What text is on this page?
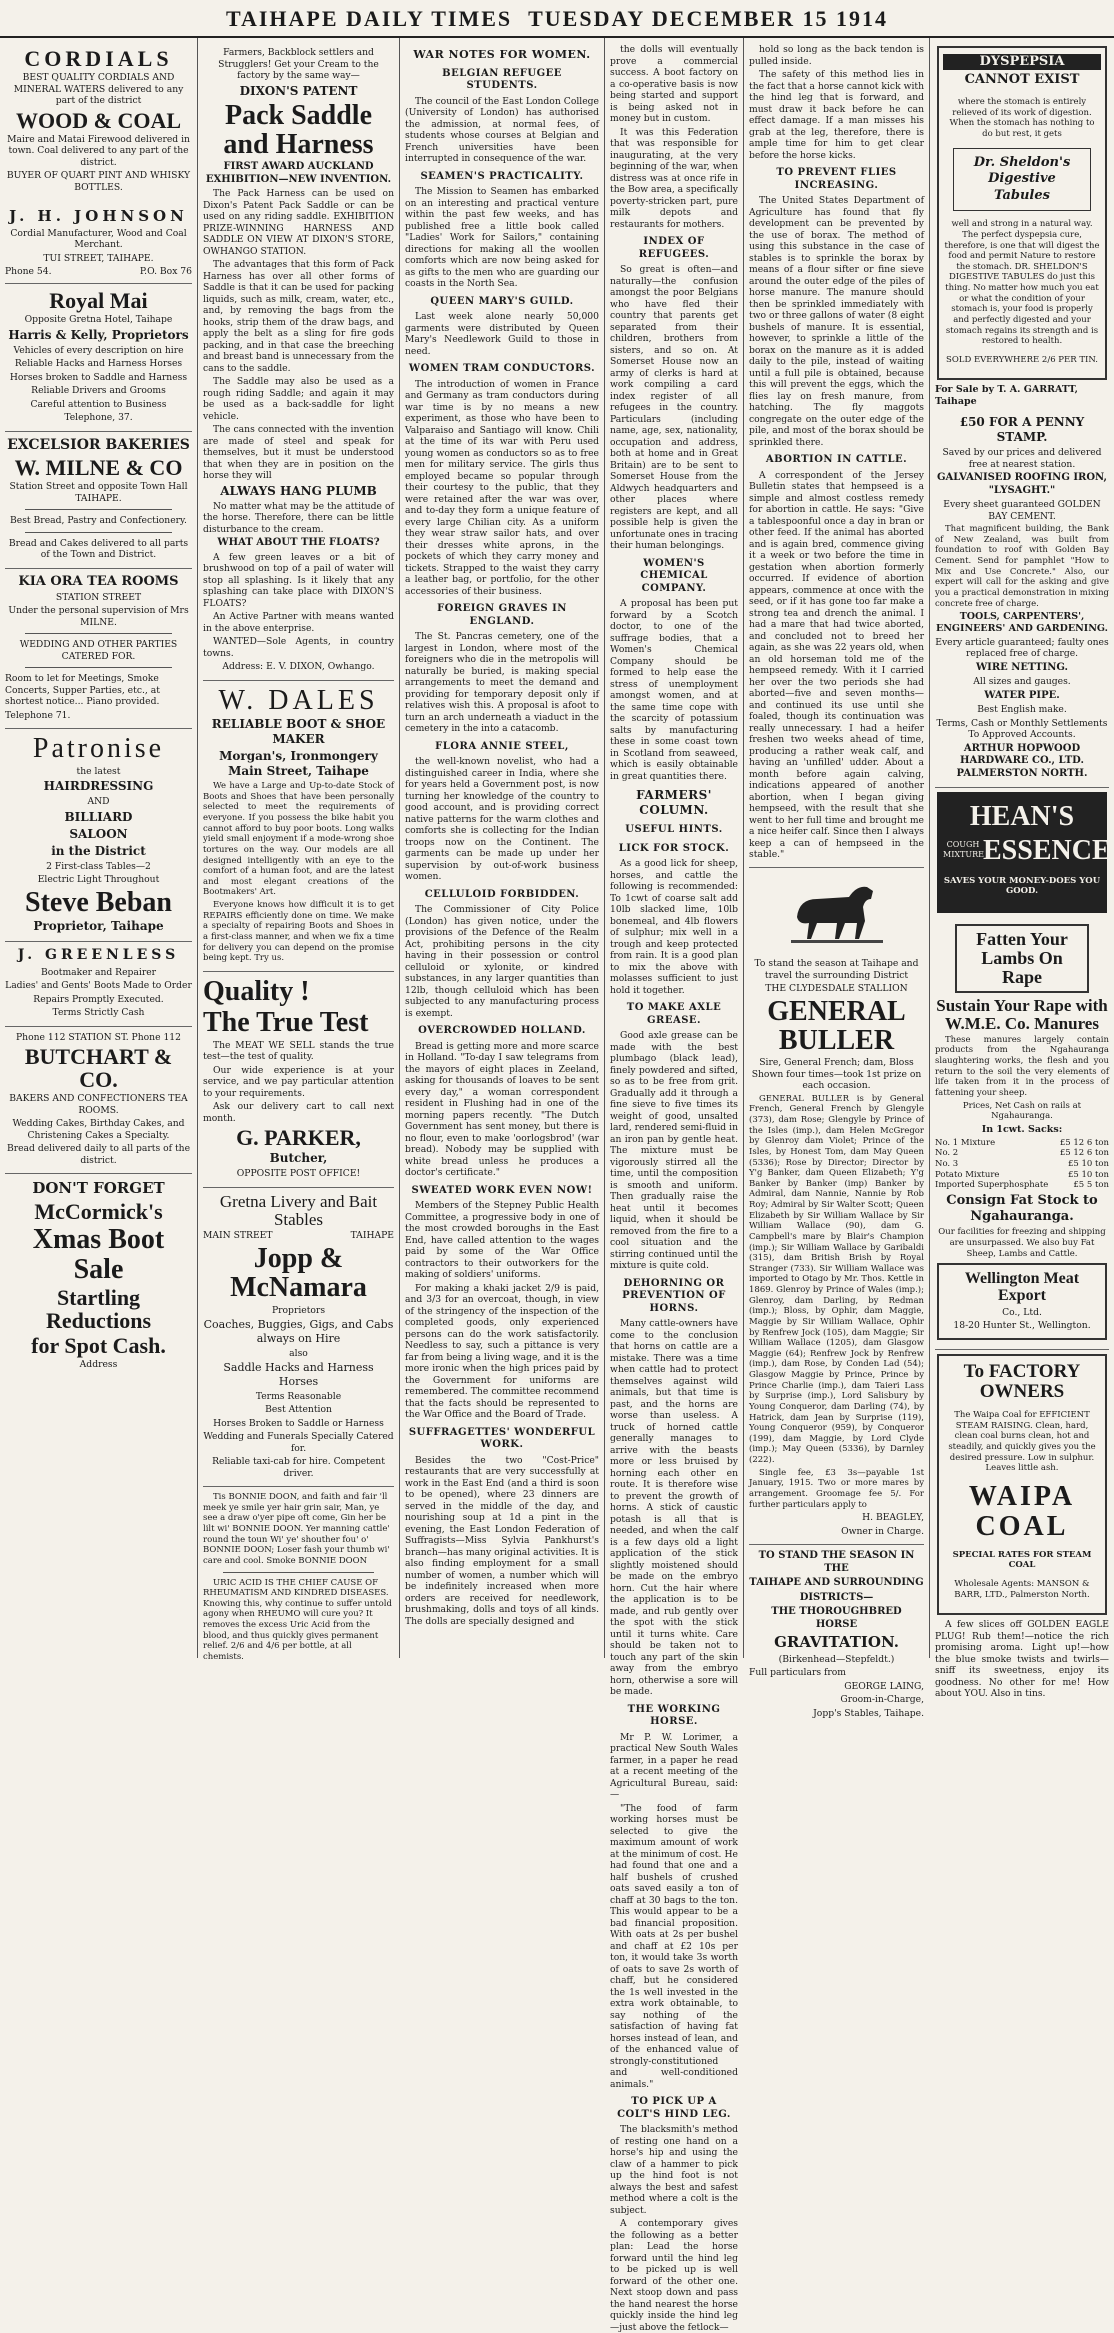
TAIHAPE DAILY TIMES TUESDAY DECEMBER 15 1914
CORDIALS

BEST QUALITY CORDIALS AND MINERAL WATERS delivered to any part of the district

WOOD & COAL

Maire and Matai Firewood delivered in town. Coal delivered to any part of the district.

BUYER OF QUART PINT AND WHISKY BOTTLES.

J. H. JOHNSON

Cordial Manufacturer, Wood and Coal Merchant.

TUI STREET, TAIHAPE.

Phone 54.	P.O. Box 76
Royal Mai

Opposite Gretna Hotel, Taihape

Harris & Kelly, Proprietors

Vehicles of every description on hire

Reliable Hacks and Harness Horses

Horses broken to Saddle and Harness

Reliable Drivers and Grooms

Careful attention to Business

Telephone, 37.

EXCELSIOR BAKERIES
W. MILNE & CO

Station Street and opposite Town Hall TAIHAPE.

Best Bread, Pastry and Confectionery.

Bread and Cakes delivered to all parts of the Town and District.

KIA ORA TEA ROOMS

STATION STREET

Under the personal supervision of Mrs MILNE.

WEDDING AND OTHER PARTIES CATERED FOR.

Room to let for Meetings, Smoke Concerts, Supper Parties, etc., at shortest notice... Piano provided.

Telephone 71.

Patronise

the latest

HAIRDRESSING

AND

BILLIARD

SALOON

in the District

2 First-class Tables—2

Electric Light Throughout

Steve Beban

Proprietor, Taihape

J. GREENLESS

Bootmaker and Repairer

Ladies' and Gents' Boots Made to Order

Repairs Promptly Executed.

Terms Strictly Cash

Phone 112 STATION ST. Phone 112

BUTCHART & CO.

BAKERS AND CONFECTIONERS TEA ROOMS.

Wedding Cakes, Birthday Cakes, and Christening Cakes a Specialty.

Bread delivered daily to all parts of the district.

DON'T FORGET
McCormick's
Xmas Boot Sale
Startling Reductions
for Spot Cash.

Address

Farmers, Backblock settlers and Strugglers! Get your Cream to the factory by the same way—

DIXON'S PATENT

Pack Saddle and Harness

FIRST AWARD AUCKLAND EXHIBITION—NEW INVENTION.

The Pack Harness can be used on Dixon's Patent Pack Saddle or can be used on any riding saddle. EXHIBITION PRIZE-WINNING HARNESS AND SADDLE ON VIEW AT DIXON'S STORE, OWHANGO STATION.

The advantages that this form of Pack Harness has over all other forms of Saddle is that it can be used for packing liquids, such as milk, cream, water, etc., and, by removing the bags from the hooks, strip them of the draw bags, and apply the belt as a sling for fire gods packing, and in that case the breeching and breast band is unnecessary from the cans to the saddle.

The Saddle may also be used as a rough riding Saddle; and again it may be used as a back-saddle for light vehicle.

The cans connected with the invention are made of steel and speak for themselves, but it must be understood that when they are in position on the horse they will

ALWAYS HANG PLUMB

No matter what may be the attitude of the horse. Therefore, there can be little disturbance to the cream.

WHAT ABOUT THE FLOATS?

A few green leaves or a bit of brushwood on top of a pail of water will stop all splashing. Is it likely that any splashing can take place with DIXON'S FLOATS?

An Active Partner with means wanted in the above enterprise.

WANTED—Sole Agents, in country towns.

Address: E. V. DIXON, Owhango.

W. DALES

RELIABLE BOOT & SHOE MAKER

Morgan's, Ironmongery Main Street, Taihape

We have a Large and Up-to-date Stock of Boots and Shoes that have been personally selected to meet the requirements of everyone. If you possess the bike habit you cannot afford to buy poor boots. Long walks yield small enjoyment if a mode-wrong shoe tortures on the way. Our models are all designed intelligently with an eye to the comfort of a human foot, and are the latest and most elegant creations of the Bootmakers' Art.

Everyone knows how difficult it is to get REPAIRS efficiently done on time. We make a specialty of repairing Boots and Shoes in a first-class manner, and when we fix a time for delivery you can depend on the promise being kept. Try us.

Quality !
The True Test

The MEAT WE SELL stands the true test—the test of quality.

Our wide experience is at your service, and we pay particular attention to your requirements.

Ask our delivery cart to call next month.

G. PARKER,

Butcher,

OPPOSITE POST OFFICE!

Gretna Livery and Bait Stables
MAIN STREET	TAIHAPE
Jopp & McNamara

Proprietors

Coaches, Buggies, Gigs, and Cabs always on Hire

also

Saddle Hacks and Harness Horses

Terms Reasonable

Best Attention

Horses Broken to Saddle or Harness

Wedding and Funerals Specially Catered for.

Reliable taxi-cab for hire. Competent driver.

Tis BONNIE DOON, and faith and fair 'll meek ye smile yer hair grin sair, Man, ye see a draw o'yer pipe oft come, Gin her be lilt wi' BONNIE DOON. Yer manning cattle' round the toun Wi' ye' shouther fou' o' BONNIE DOON; Loser fash your thumb wi' care and cool. Smoke BONNIE DOON

URIC ACID IS THE CHIEF CAUSE OF RHEUMATISM AND KINDRED DISEASES. Knowing this, why continue to suffer untold agony when RHEUMO will cure you? It removes the excess Uric Acid from the blood, and thus quickly gives permanent relief. 2/6 and 4/6 per bottle, at all chemists.

WAR NOTES FOR WOMEN.
BELGIAN REFUGEE STUDENTS.

The council of the East London College (University of London) has authorised the admission, at normal fees, of students whose courses at Belgian and French universities have been interrupted in consequence of the war.

SEAMEN'S PRACTICALITY.

The Mission to Seamen has embarked on an interesting and practical venture within the past few weeks, and has published free a little book called "Ladies' Work for Sailors," containing directions for making all the woollen comforts which are now being asked for as gifts to the men who are guarding our coasts in the North Sea.

QUEEN MARY'S GUILD.

Last week alone nearly 50,000 garments were distributed by Queen Mary's Needlework Guild to those in need.

WOMEN TRAM CONDUCTORS.

The introduction of women in France and Germany as tram conductors during war time is by no means a new experiment, as those who have been to Valparaiso and Santiago will know. Chili at the time of its war with Peru used young women as conductors so as to free men for military service. The girls thus employed became so popular through their courtesy to the public, that they were retained after the war was over, and to-day they form a unique feature of every large Chilian city. As a uniform they wear straw sailor hats, and over their dresses white aprons, in the pockets of which they carry money and tickets. Strapped to the waist they carry a leather bag, or portfolio, for the other accessories of their business.

FOREIGN GRAVES IN ENGLAND.

The St. Pancras cemetery, one of the largest in London, where most of the foreigners who die in the metropolis will naturally be buried, is making special arrangements to meet the demand and providing for temporary deposit only if relatives wish this. A proposal is afoot to turn an arch underneath a viaduct in the cemetery in the into a catacomb.

FLORA ANNIE STEEL,

the well-known novelist, who had a distinguished career in India, where she for years held a Government post, is now turning her knowledge of the country to good account, and is providing correct native patterns for the warm clothes and comforts she is collecting for the Indian troops now on the Continent. The garments can be made up under her supervision by out-of-work business women.

CELLULOID FORBIDDEN.

The Commissioner of City Police (London) has given notice, under the provisions of the Defence of the Realm Act, prohibiting persons in the city having in their possession or control celluloid or xylonite, or kindred substances, in any larger quantities than 12lb, though celluloid which has been subjected to any manufacturing process is exempt.

OVERCROWDED HOLLAND.

Bread is getting more and more scarce in Holland. "To-day I saw telegrams from the mayors of eight places in Zeeland, asking for thousands of loaves to be sent every day," a woman correspondent resident in Flushing had in one of the morning papers recently. "The Dutch Government has sent money, but there is no flour, even to make 'oorlogsbrod' (war bread). Nobody may be supplied with white bread unless he produces a doctor's certificate."

SWEATED WORK EVEN NOW!

Members of the Stepney Public Health Committee, a progressive body in one of the most crowded boroughs in the East End, have called attention to the wages paid by some of the War Office contractors to their outworkers for the making of soldiers' uniforms.

For making a khaki jacket 2/9 is paid, and 3/3 for an overcoat, though, in view of the stringency of the inspection of the completed goods, only experienced persons can do the work satisfactorily. Needless to say, such a pittance is very far from being a living wage, and it is the more ironic when the high prices paid by the Government for uniforms are remembered. The committee recommend that the facts should be represented to the War Office and the Board of Trade.

SUFFRAGETTES' WONDERFUL WORK.

Besides the two "Cost-Price" restaurants that are very successfully at work in the East End (and a third is soon to be opened), where 23 dinners are served in the middle of the day, and nourishing soup at 1d a pint in the evening, the East London Federation of Suffragists—Miss Sylvia Pankhurst's branch—has many original activities. It is also finding employment for a small number of women, a number which will be indefinitely increased when more orders are received for needlework, brushmaking, dolls and toys of all kinds. The dolls are specially designed and

the dolls will eventually prove a commercial success. A boot factory on a co-operative basis is now being started and support is being asked not in money but in custom.

It was this Federation that was responsible for inaugurating, at the very beginning of the war, when distress was at once rife in the Bow area, a specifically poverty-stricken part, pure milk depots and restaurants for mothers.

INDEX OF REFUGEES.

So great is often—and naturally—the confusion amongst the poor Belgians who have fled their country that parents get separated from their children, brothers from sisters, and so on. At Somerset House now an army of clerks is hard at work compiling a card index register of all refugees in the country. Particulars (including name, age, sex, nationality, occupation and address, both at home and in Great Britain) are to be sent to Somerset House from the Aldwych headquarters and other places where registers are kept, and all possible help is given the unfortunate ones in tracing their human belongings.

WOMEN'S CHEMICAL COMPANY.

A proposal has been put forward by a Scotch doctor, to one of the suffrage bodies, that a Women's Chemical Company should be formed to help ease the stress of unemployment amongst women, and at the same time cope with the scarcity of potassium salts by manufacturing these in some coast town in Scotland from seaweed, which is easily obtainable in great quantities there.

FARMERS' COLUMN.
USEFUL HINTS.
LICK FOR STOCK.

As a good lick for sheep, horses, and cattle the following is recommended: To 1cwt of coarse salt add 10lb slacked lime, 10lb bonemeal, and 4lb flowers of sulphur; mix well in a trough and keep protected from rain. It is a good plan to mix the above with molasses sufficient to just hold it together.

TO MAKE AXLE GREASE.

Good axle grease can be made with the best plumbago (black lead), finely powdered and sifted, so as to be free from grit. Gradually add it through a fine sieve to five times its weight of good, unsalted lard, rendered semi-fluid in an iron pan by gentle heat. The mixture must be vigorously stirred all the time, until the composition is smooth and uniform. Then gradually raise the heat until it becomes liquid, when it should be removed from the fire to a cool situation and the stirring continued until the mixture is quite cold.

DEHORNING OR PREVENTION OF HORNS.

Many cattle-owners have come to the conclusion that horns on cattle are a mistake. There was a time when cattle had to protect themselves against wild animals, but that time is past, and the horns are worse than useless. A truck of horned cattle generally manages to arrive with the beasts more or less bruised by horning each other en route. It is therefore wise to prevent the growth of horns. A stick of caustic potash is all that is needed, and when the calf is a few days old a light application of the stick slightly moistened should be made on the embryo horn. Cut the hair where the application is to be made, and rub gently over the spot with the stick until it turns white. Care should be taken not to touch any part of the skin away from the embryo horn, otherwise a sore will be made.

THE WORKING HORSE.

Mr P. W. Lorimer, a practical New South Wales farmer, in a paper he read at a recent meeting of the Agricultural Bureau, said:—

"The food of farm working horses must be selected to give the maximum amount of work at the minimum of cost. He had found that one and a half bushels of crushed oats saved easily a ton of chaff at 30 bags to the ton. This would appear to be a bad financial proposition. With oats at 2s per bushel and chaff at £2 10s per ton, it would take 3s worth of oats to save 2s worth of chaff, but he considered the 1s well invested in the extra work obtainable, to say nothing of the satisfaction of having fat horses instead of lean, and of the enhanced value of strongly-constitutioned and well-conditioned animals."

TO PICK UP A COLT'S HIND LEG.

The blacksmith's method of resting one hand on a horse's hip and using the claw of a hammer to pick up the hind foot is not always the best and safest method where a colt is the subject.

A contemporary gives the following as a better plan: Lead the horse forward until the hind leg to be picked up is well forward of the other one. Next stoop down and pass the hand nearest the horse quickly inside the hind leg—just above the fetlock—

hold so long as the back tendon is pulled inside.

The safety of this method lies in the fact that a horse cannot kick with the hind leg that is forward, and must draw it back before he can effect damage. If a man misses his grab at the leg, therefore, there is ample time for him to get clear before the horse kicks.

TO PREVENT FLIES INCREASING.

The United States Department of Agriculture has found that fly development can be prevented by the use of borax. The method of using this substance in the case of stables is to sprinkle the borax by means of a flour sifter or fine sieve around the outer edge of the piles of horse manure. The manure should then be sprinkled immediately with two or three gallons of water (8 eight bushels of manure. It is essential, however, to sprinkle a little of the borax on the manure as it is added daily to the pile, instead of waiting until a full pile is obtained, because this will prevent the eggs, which the flies lay on fresh manure, from hatching. The fly maggots congregate on the outer edge of the pile, and most of the borax should be sprinkled there.

ABORTION IN CATTLE.

A correspondent of the Jersey Bulletin states that hempseed is a simple and almost costless remedy for abortion in cattle. He says: "Give a tablespoonful once a day in bran or other feed. If the animal has aborted and is again bred, commence giving it a week or two before the time in gestation when abortion formerly occurred. If evidence of abortion appears, commence at once with the seed, or if it has gone too far make a strong tea and drench the animal. I had a mare that had twice aborted, and concluded not to breed her again, as she was 22 years old, when an old horseman told me of the hempseed remedy. With it I carried her over the two periods she had aborted—five and seven months—and continued its use until she foaled, though its continuation was really unnecessary. I had a heifer freshen two weeks ahead of time, producing a rather weak calf, and having an 'unfilled' udder. About a month before again calving, indications appeared of another abortion, when I began giving hempseed, with the result that she went to her full time and brought me a nice heifer calf. Since then I always keep a can of hempseed in the stable."

To stand the season at Taihape and travel the surrounding District

THE CLYDESDALE STALLION

GENERAL BULLER

Sire, General French; dam, Bloss Shown four times—took 1st prize on each occasion.

GENERAL BULLER is by General French, General French by Glengyle (373), dam Rose; Glengyle by Prince of the Isles (imp.), dam Helen McGregor by Glenroy dam Violet; Prince of the Isles, by Honest Tom, dam May Queen (5336); Rose by Director; Director by Y'g Banker, dam Queen Elizabeth; Y'g Banker by Banker (imp) Banker by Admiral, dam Nannie, Nannie by Rob Roy; Admiral by Sir Walter Scott; Queen Elizabeth by Sir William Wallace by Sir William Wallace (90), dam G. Campbell's mare by Blair's Champion (imp.); Sir William Wallace by Garibaldi (315), dam British Brish by Royal Stranger (733). Sir William Wallace was imported to Otago by Mr. Thos. Kettle in 1869. Glenroy by Prince of Wales (imp.); Glenroy, dam Darling, by Redman (imp.); Bloss, by Ophir, dam Maggie, Maggie by Sir William Wallace, Ophir by Renfrew Jock (105), dam Maggie; Sir William Wallace (1205), dam Glasgow Maggie (64); Renfrew Jock by Renfrew (imp.), dam Rose, by Conden Lad (54); Glasgow Maggie by Prince, Prince by Prince Charlie (imp.), dam Taieri Lass by Surprise (imp.), Lord Salisbury by Young Conqueror, dam Darling (74), by Hatrick, dam Jean by Surprise (119), Young Conqueror (959), by Conqueror (199), dam Maggie, by Lord Clyde (imp.); May Queen (5336), by Darnley (222).

Single fee, £3 3s—payable 1st January, 1915. Two or more mares by arrangement. Groomage fee 5/. For further particulars apply to

H. BEAGLEY,

Owner in Charge.

TO STAND THE SEASON IN THE

TAIHAPE AND SURROUNDING

DISTRICTS—

THE THOROUGHBRED HORSE

GRAVITATION.

(Birkenhead—Stepfeldt.)

Full particulars from

GEORGE LAING,

Groom-in-Charge,

Jopp's Stables, Taihape.

DYSPEPSIA
CANNOT EXIST

where the stomach is entirely relieved of its work of digestion. When the stomach has nothing to do but rest, it gets

Dr. Sheldon's Digestive Tabules

well and strong in a natural way. The perfect dyspepsia cure, therefore, is one that will digest the food and permit Nature to restore the stomach. DR. SHELDON'S DIGESTIVE TABULES do just this thing. No matter how much you eat or what the condition of your stomach is, your food is properly and perfectly digested and your stomach regains its strength and is restored to health.

SOLD EVERYWHERE 2/6 PER TIN.

For Sale by T. A. GARRATT, Taihape

£50 FOR A PENNY STAMP.

Saved by our prices and delivered free at nearest station.

GALVANISED ROOFING IRON, "LYSAGHT."

Every sheet guaranteed GOLDEN BAY CEMENT.

That magnificent building, the Bank of New Zealand, was built from foundation to roof with Golden Bay Cement. Send for pamphlet "How to Mix and Use Concrete." Also, our expert will call for the asking and give you a practical demonstration in mixing concrete free of charge.

TOOLS, CARPENTERS', ENGINEERS' AND GARDENING.

Every article guaranteed; faulty ones replaced free of charge.

WIRE NETTING.

All sizes and gauges.

WATER PIPE.

Best English make.

Terms, Cash or Monthly Settlements To Approved Accounts.

ARTHUR HOPWOOD HARDWARE CO., LTD. PALMERSTON NORTH.

HEAN'S
COUGH MIXTURE ESSENCE

SAVES YOUR MONEY-DOES YOU GOOD.

Fatten Your Lambs On Rape
Sustain Your Rape with W.M.E. Co. Manures

These manures largely contain products from the Ngahauranga slaughtering works, the flesh and you return to the soil the very elements of life taken from it in the process of fattening your sheep.

Prices, Net Cash on rails at Ngahauranga.

In 1cwt. Sacks:

No. 1 Mixture	£5 12 6 ton
No. 2	£5 12 6 ton
No. 3	£5 10 ton
Potato Mixture	£5 10 ton
Imported Superphosphate	£5 5 ton
Consign Fat Stock to Ngahauranga.

Our facilities for freezing and shipping are unsurpassed. We also buy Fat Sheep, Lambs and Cattle.

Wellington Meat Export

Co., Ltd.

18-20 Hunter St., Wellington.

To FACTORY OWNERS

The Waipa Coal for EFFICIENT STEAM RAISING. Clean, hard, clean coal burns clean, hot and steadily, and quickly gives you the desired pressure. Low in sulphur. Leaves little ash.

WAIPA COAL

SPECIAL RATES FOR STEAM COAL

Wholesale Agents: MANSON & BARR, LTD., Palmerston North.

A few slices off GOLDEN EAGLE PLUG! Rub them!—notice the rich promising aroma. Light up!—how the blue smoke twists and twirls—sniff its sweetness, enjoy its goodness. No other for me! How about YOU. Also in tins.
